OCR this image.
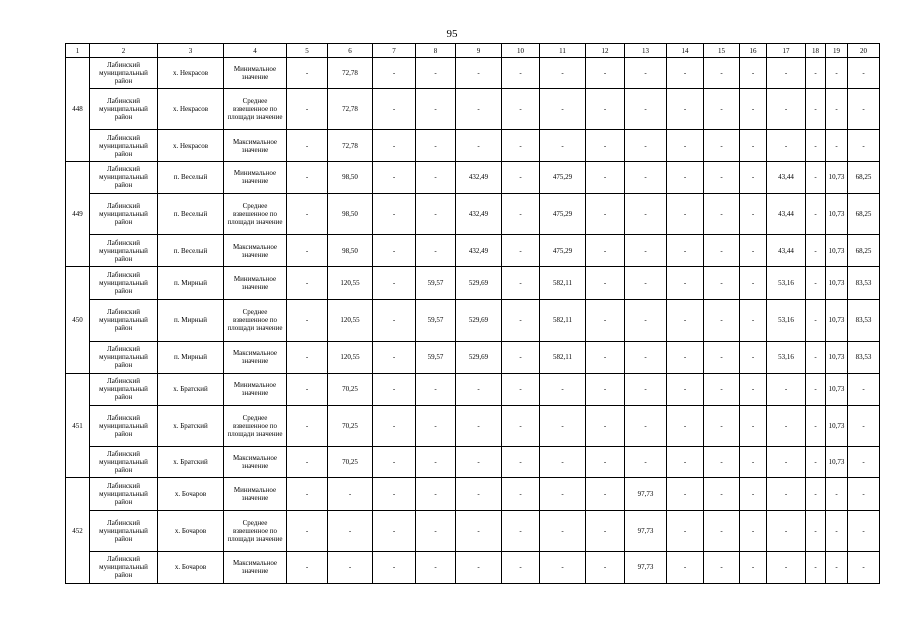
95
1	2	3	4	5	6	7	8	9	10	11	12	13	14	15	16	17	18	19	20
448	Лабинский муниципальный район	х. Некрасов	Минимальное значение	-	72,78	-	-	-	-	-	-	-	-	-	-	-	-	-	-
	Лабинский муниципальный район	х. Некрасов	Среднее взвешенное по площади значение	-	72,78	-	-	-	-	-	-	-	-	-	-	-	-	-	-
	Лабинский муниципальный район	х. Некрасов	Максимальное значение	-	72,78	-	-	-	-	-	-	-	-	-	-	-	-	-	-
449	Лабинский муниципальный район	п. Веселый	Минимальное значение	-	98,50	-	-	432,49	-	475,29	-	-	-	-	-	43,44	-	10,73	68,25
	Лабинский муниципальный район	п. Веселый	Среднее взвешенное по площади значение	-	98,50	-	-	432,49	-	475,29	-	-	-	-	-	43,44	-	10,73	68,25
	Лабинский муниципальный район	п. Веселый	Максимальное значение	-	98,50	-	-	432,49	-	475,29	-	-	-	-	-	43,44	-	10,73	68,25
450	Лабинский муниципальный район	п. Мирный	Минимальное значение	-	120,55	-	59,57	529,69	-	582,11	-	-	-	-	-	53,16	-	10,73	83,53
	Лабинский муниципальный район	п. Мирный	Среднее взвешенное по площади значение	-	120,55	-	59,57	529,69	-	582,11	-	-	-	-	-	53,16	-	10,73	83,53
	Лабинский муниципальный район	п. Мирный	Максимальное значение	-	120,55	-	59,57	529,69	-	582,11	-	-	-	-	-	53,16	-	10,73	83,53
451	Лабинский муниципальный район	х. Братский	Минимальное значение	-	70,25	-	-	-	-	-	-	-	-	-	-	-	-	10,73	-
	Лабинский муниципальный район	х. Братский	Среднее взвешенное по площади значение	-	70,25	-	-	-	-	-	-	-	-	-	-	-	-	10,73	-
	Лабинский муниципальный район	х. Братский	Максимальное значение	-	70,25	-	-	-	-	-	-	-	-	-	-	-	-	10,73	-
452	Лабинский муниципальный район	х. Бочаров	Минимальное значение	-	-	-	-	-	-	-	-	97,73	-	-	-	-	-	-	-
	Лабинский муниципальный район	х. Бочаров	Среднее взвешенное по площади значение	-	-	-	-	-	-	-	-	97,73	-	-	-	-	-	-	-
	Лабинский муниципальный район	х. Бочаров	Максимальное значение	-	-	-	-	-	-	-	-	97,73	-	-	-	-	-	-	-
